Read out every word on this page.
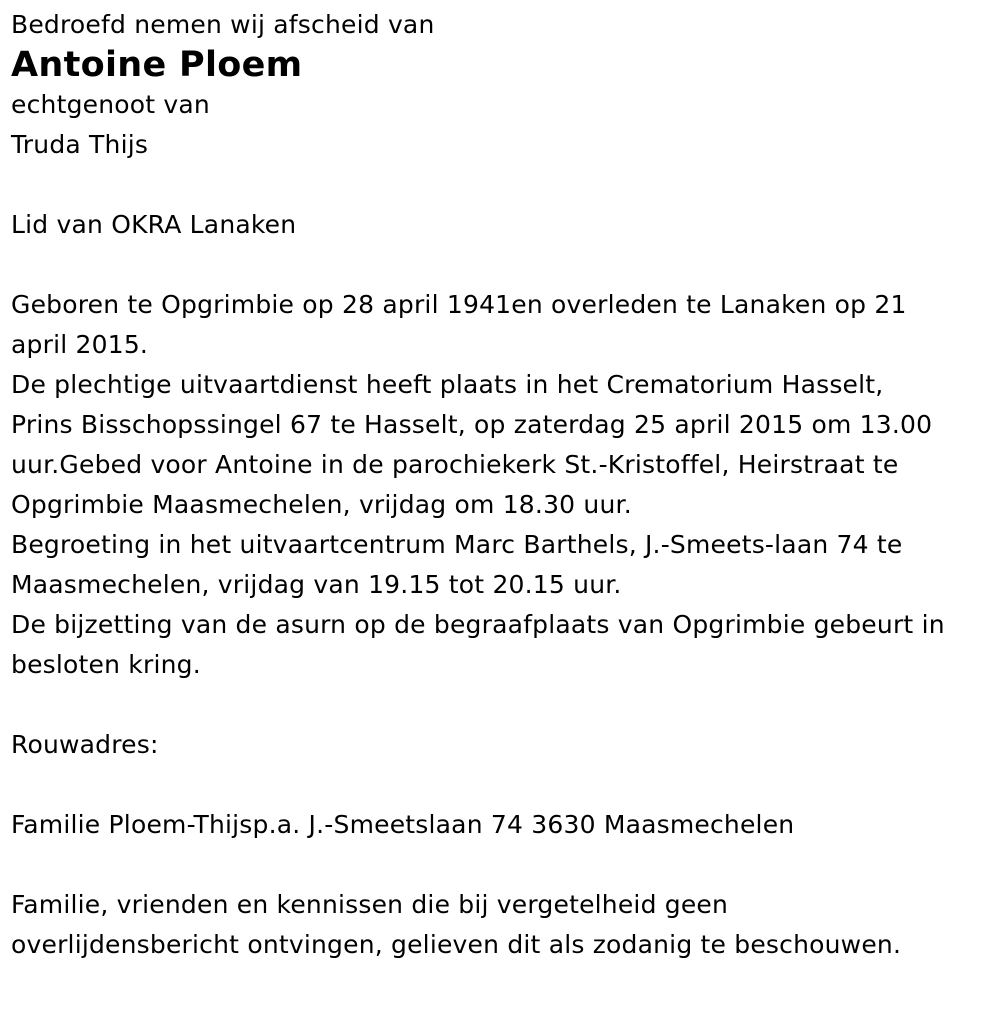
Bedroefd nemen wij afscheid van

Antoine Ploem

echtgenoot van

Truda Thijs

Lid van OKRA Lanaken

Geboren te Opgrimbie op 28 april 1941en overleden te Lanaken op 21

april 2015.

De plechtige uitvaartdienst heeft plaats in het Crematorium Hasselt,

Prins Bisschopssingel 67 te Hasselt, op zaterdag 25 april 2015 om 13.00

uur.Gebed voor Antoine in de parochiekerk St.-Kristoffel, Heirstraat te

Opgrimbie Maasmechelen, vrijdag om 18.30 uur.

Begroeting in het uitvaartcentrum Marc Barthels, J.-Smeets-laan 74 te

Maasmechelen, vrijdag van 19.15 tot 20.15 uur.

De bijzetting van de asurn op de begraafplaats van Opgrimbie gebeurt in

besloten kring.

Rouwadres:

Familie Ploem-Thijsp.a. J.-Smeetslaan 74 3630 Maasmechelen

Familie, vrienden en kennissen die bij vergetelheid geen

overlijdensbericht ontvingen, gelieven dit als zodanig te beschouwen.
